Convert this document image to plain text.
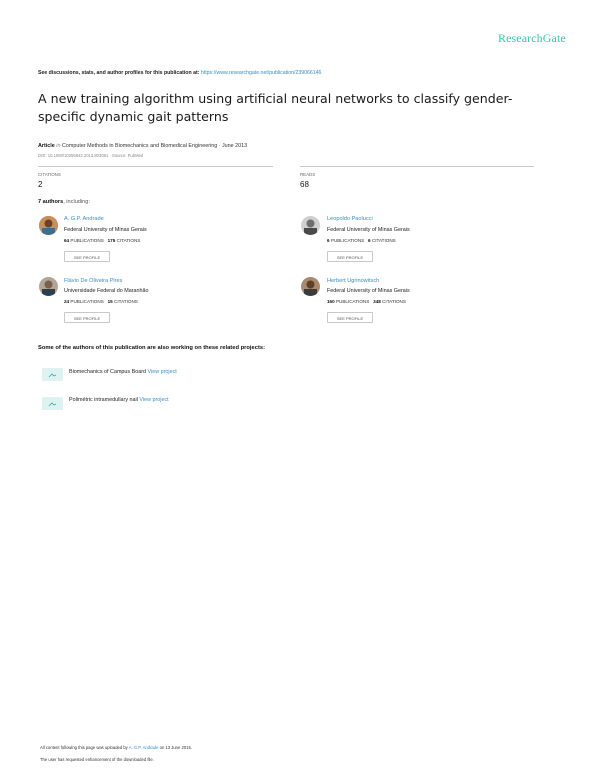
ResearchGate
See discussions, stats, and author profiles for this publication at: https://www.researchgate.net/publication/239066146
A new training algorithm using artificial neural networks to classify gender-specific dynamic gait patterns
Article in Computer Methods in Biomechanics and Biomedical Engineering · June 2013
DOI: 10.1080/10255842.2013.803081 · Source: PubMed
CITATIONS
2
READS
68
7 authors, including:
A. G.P. Andrade
Federal University of Minas Gerais
64 PUBLICATIONS 175 CITATIONS
SEE PROFILE
Leopoldo Paolucci
Federal University of Minas Gerais
6 PUBLICATIONS 6 CITATIONS
SEE PROFILE
Flávio De Oliveira Pires
Universidade Federal do Maranhão
24 PUBLICATIONS 15 CITATIONS
SEE PROFILE
Herbert Ugrinowitsch
Federal University of Minas Gerais
160 PUBLICATIONS 348 CITATIONS
SEE PROFILE
Some of the authors of this publication are also working on these related projects:
Biomechanics of Campus Board View project
Polimétric intramedullary nail View project
All content following this page was uploaded by A. G.P. Andrade on 13 June 2015.
The user has requested enhancement of the downloaded file.
